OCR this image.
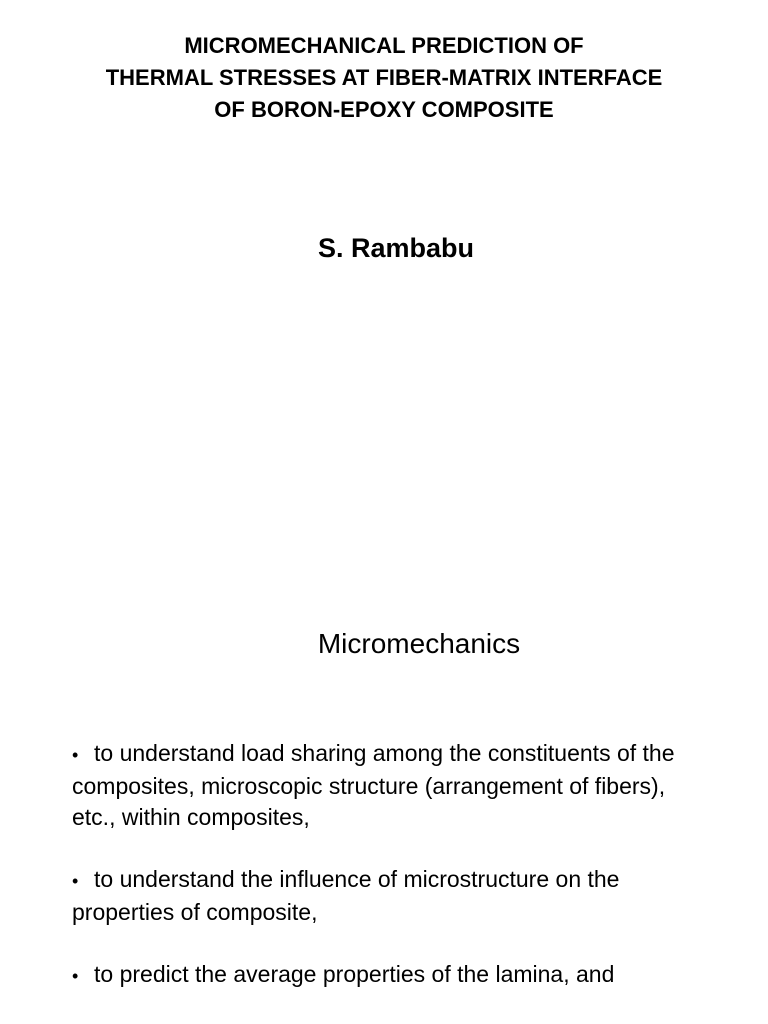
MICROMECHANICAL PREDICTION OF
THERMAL STRESSES AT FIBER-MATRIX INTERFACE
OF BORON-EPOXY COMPOSITE
S. Rambabu
Micromechanics
• to understand load sharing among the constituents of the
composites, microscopic structure (arrangement of fibers),
etc., within composites,
• to understand the influence of microstructure on the
properties of composite,
• to predict the average properties of the lamina, and
